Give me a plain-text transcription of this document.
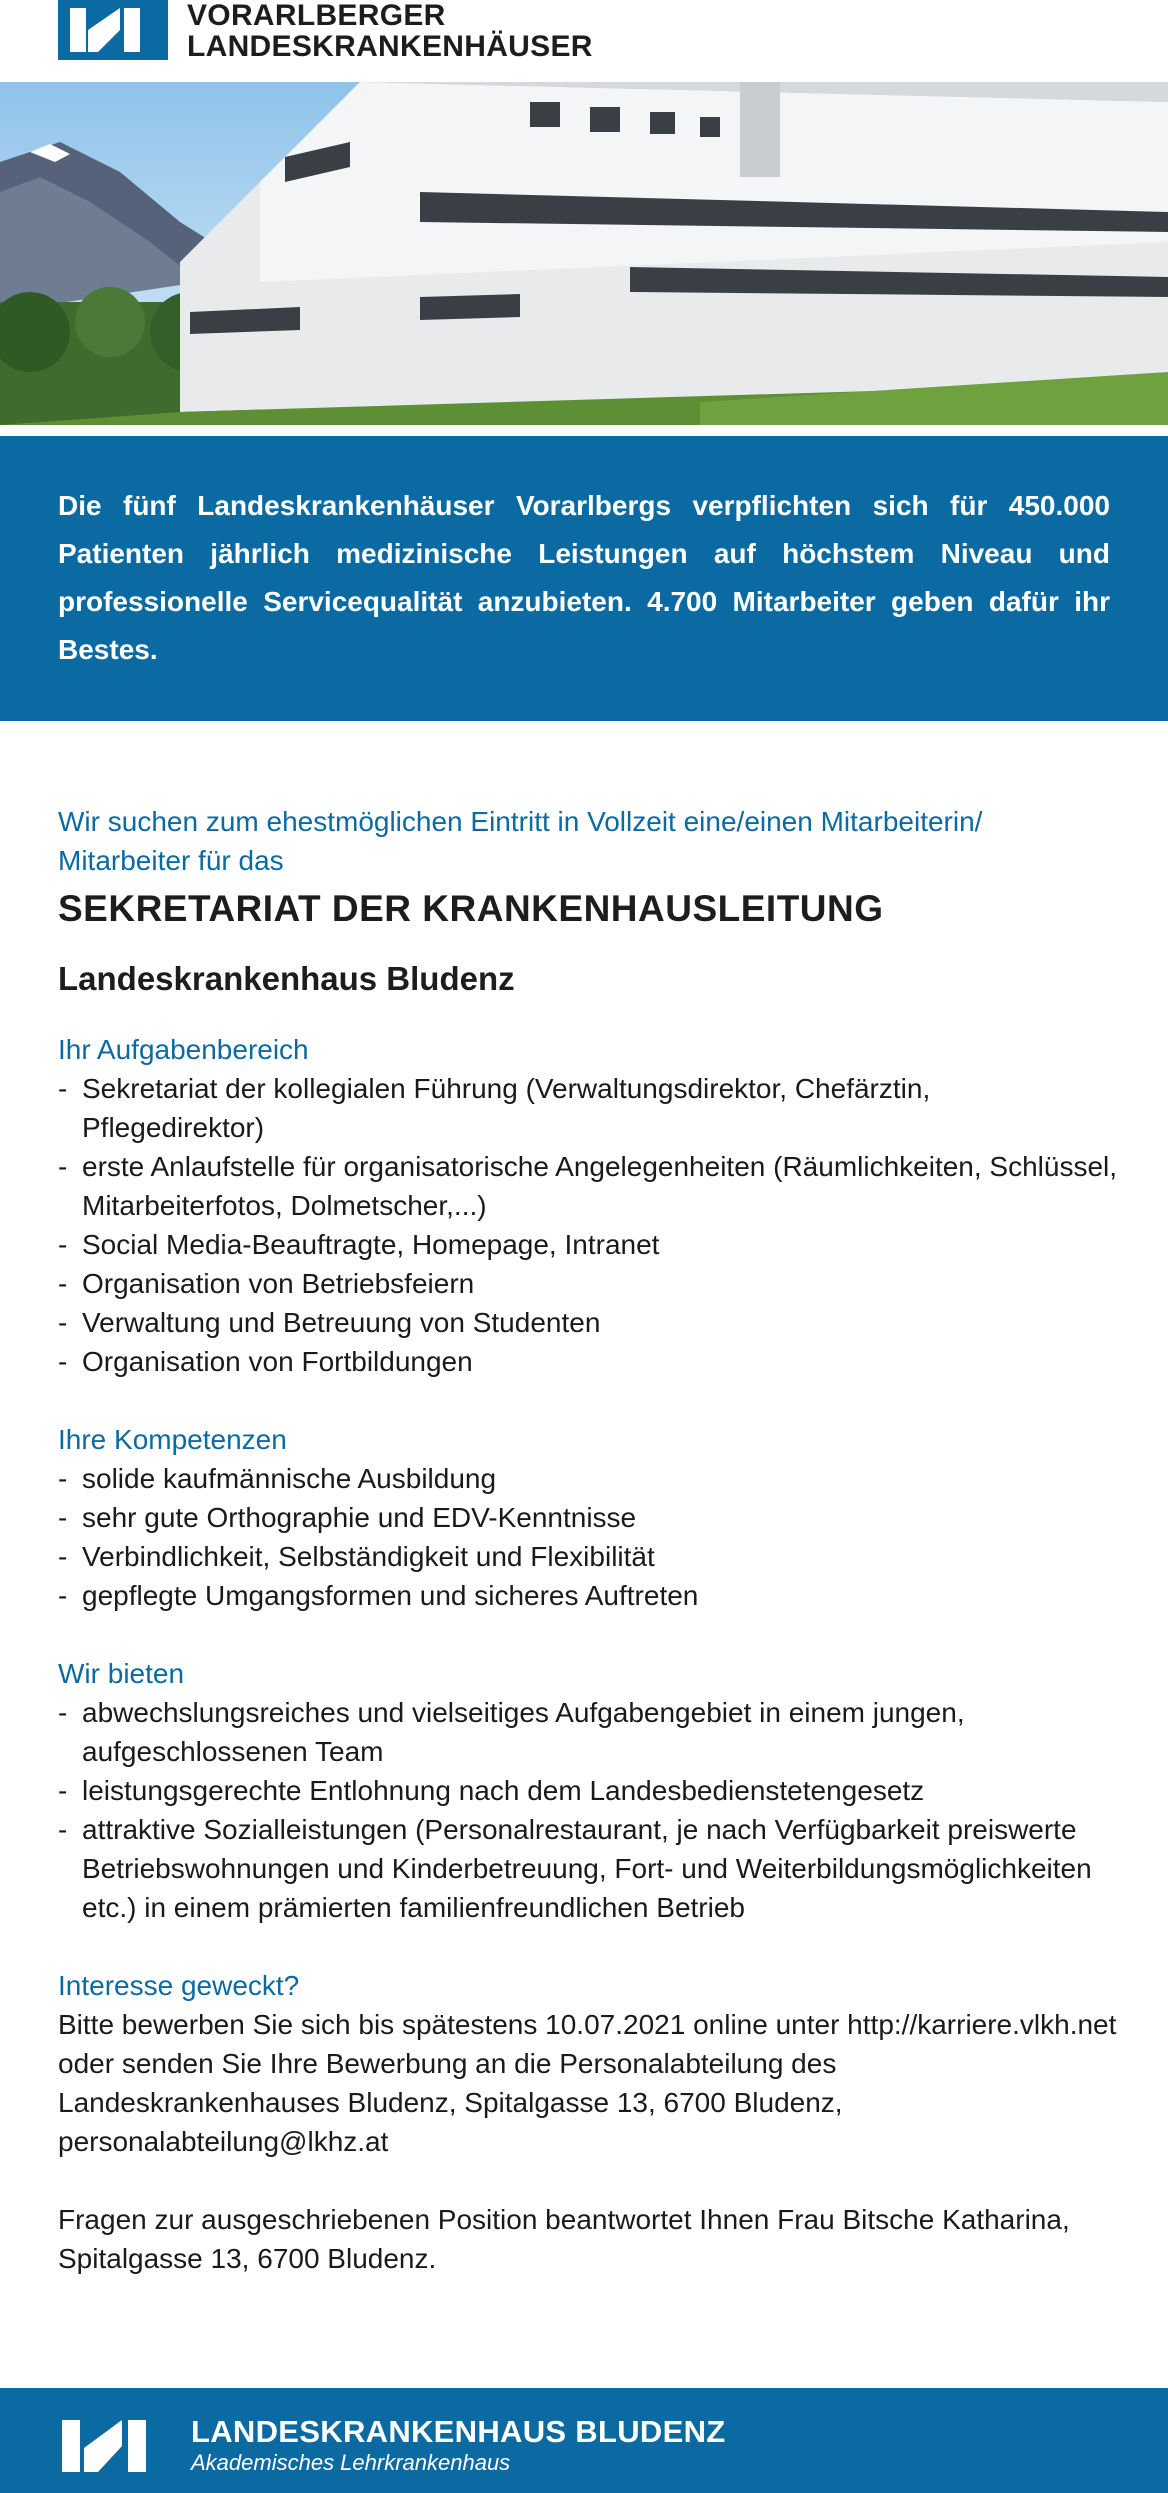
VORARLBERGER
LANDESKRANKENHÄUSER

Die fünf Landeskrankenhäuser Vorarlbergs verpflichten sich für 450.000 Patienten jährlich medizinische Leistungen auf höchstem Niveau und professionelle Servicequalität anzubieten. 4.700 Mitarbeiter geben dafür ihr Bestes.

Wir suchen zum ehestmöglichen Eintritt in Vollzeit eine/einen Mitarbeiterin/

Mitarbeiter für das

SEKRETARIAT DER KRANKENHAUSLEITUNG
Landeskrankenhaus Bludenz

Ihr Aufgabenbereich

- Sekretariat der kollegialen Führung (Verwaltungsdirektor, Chefärztin, Pflegedirektor)
- erste Anlaufstelle für organisatorische Angelegenheiten (Räumlichkeiten, Schlüssel, Mitarbeiterfotos, Dolmetscher,...)
- Social Media-Beauftragte, Homepage, Intranet
- Organisation von Betriebsfeiern
- Verwaltung und Betreuung von Studenten
- Organisation von Fortbildungen

Ihre Kompetenzen

- solide kaufmännische Ausbildung
- sehr gute Orthographie und EDV-Kenntnisse
- Verbindlichkeit, Selbständigkeit und Flexibilität
- gepflegte Umgangsformen und sicheres Auftreten

Wir bieten

- abwechslungsreiches und vielseitiges Aufgabengebiet in einem jungen, aufgeschlossenen Team
- leistungsgerechte Entlohnung nach dem Landesbedienstetengesetz
- attraktive Sozialleistungen (Personalrestaurant, je nach Verfügbarkeit preiswerte Betriebswohnungen und Kinderbetreuung, Fort- und Weiterbildungsmöglichkeiten etc.) in einem prämierten familienfreundlichen Betrieb

Interesse geweckt?

Bitte bewerben Sie sich bis spätestens 10.07.2021 online unter http://karriere.vlkh.net oder senden Sie Ihre Bewerbung an die Personalabteilung des Landeskrankenhauses Bludenz, Spitalgasse 13, 6700 Bludenz, personalabteilung@lkhz.at

Fragen zur ausgeschriebenen Position beantwortet Ihnen Frau Bitsche Katharina, Spitalgasse 13, 6700 Bludenz.

LANDESKRANKENHAUS BLUDENZ
Akademisches Lehrkrankenhaus
